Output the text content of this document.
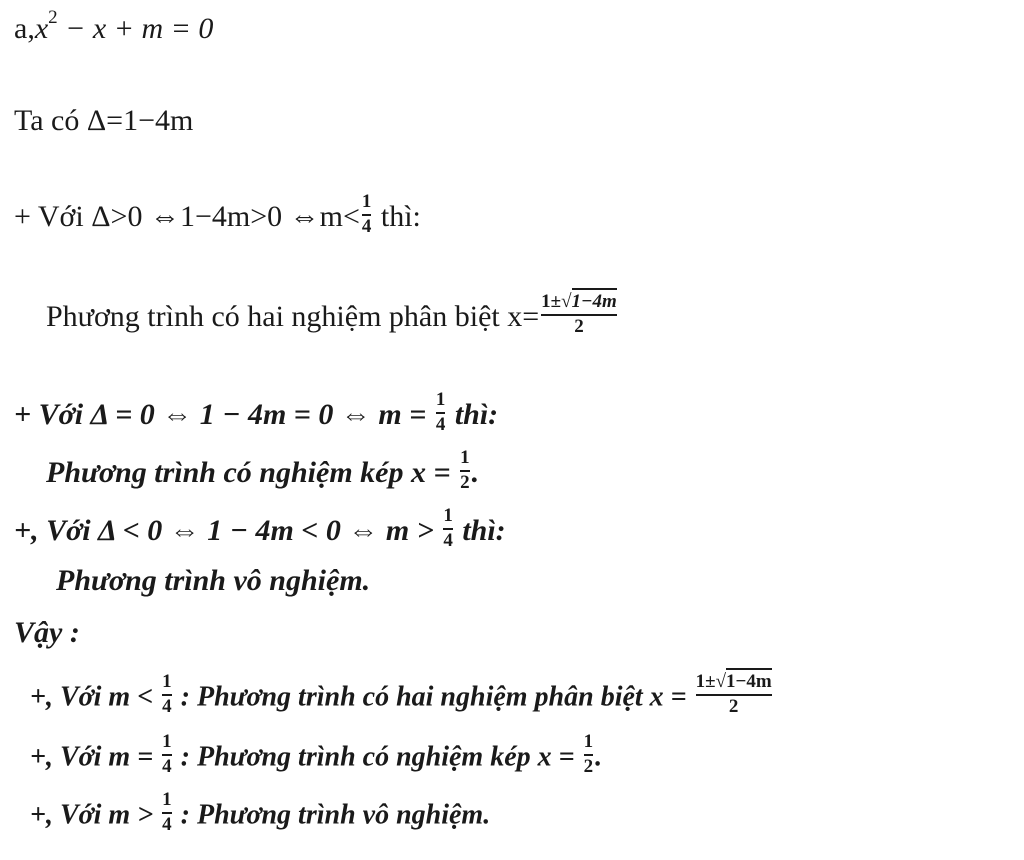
$a,x^2 - x + m = 0$
Ta có Δ=1−4m
+ Với Δ>0 ⇔1−4m>0 ⇔m< $\frac{1}{4}$ thì:
Phương trình có hai nghiệm phân biệt $x= \frac{1\pm√1-4m}{2}$
+ Với Δ = 0 ⇔ 1 − 4m = 0 ⇔ $m = \frac{1}{4}$ thì:
Phương trình có nghiệm kép $x = \frac{1}{2}$ .
+, Với Δ < 0 ⇔ 1 − 4m < 0 ⇔ $m > \frac{1}{4}$ thì:
Phương trình vô nghiệm.
Vậy :
+, Với $m < \frac{1}{4}$ : Phương trình có hai nghiệm phân biệt $x = \frac{1\pm√1-4m}{2}$
+, Với $m = \frac{1}{4}$ : Phương trình có nghiệm kép $x = \frac{1}{2}$ .
+, Với $m > \frac{1}{4}$ : Phương trình vô nghiệm.
